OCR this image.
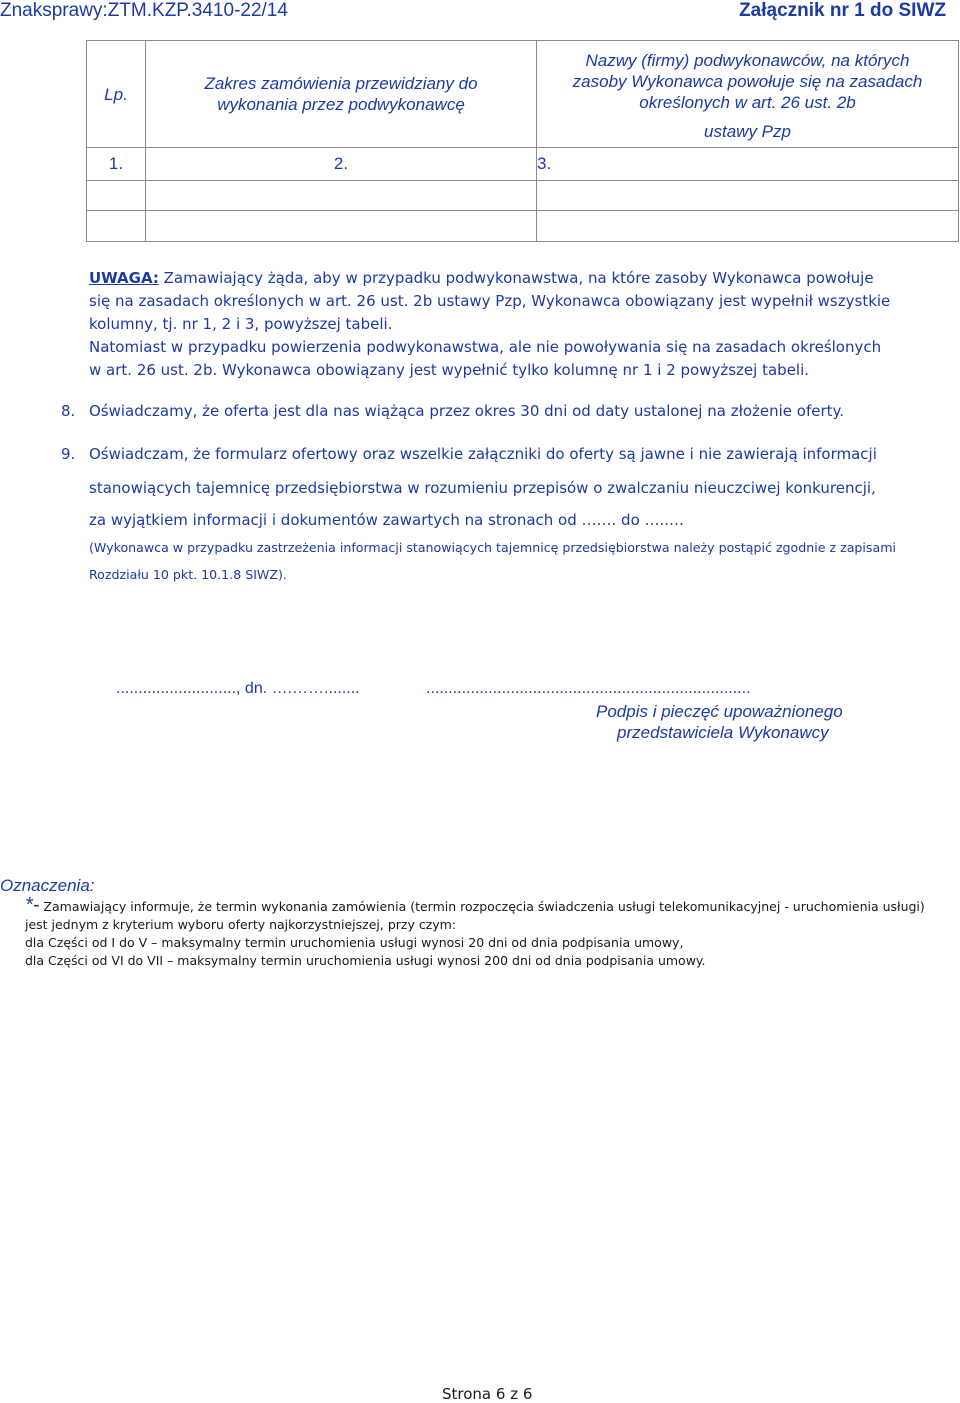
Znaksprawy:ZTM.KZP.3410-22/14	Załącznik nr 1 do SIWZ
Lp.	Zakres zamówienia przewidziany do wykonania przez podwykonawcę	Nazwy (firmy) podwykonawców, na których zasoby Wykonawca powołuje się na zasadach określonych w art. 26 ust. 2b
ustawy Pzp

1.	2.	3.

UWAGA: Zamawiający żąda, aby w przypadku podwykonawstwa, na które zasoby Wykonawca powołuje
się na zasadach określonych w art. 26 ust. 2b ustawy Pzp, Wykonawca obowiązany jest wypełnił wszystkie
kolumny, tj. nr 1, 2 i 3, powyższej tabeli.
Natomiast w przypadku powierzenia podwykonawstwa, ale nie powoływania się na zasadach określonych
w art. 26 ust. 2b. Wykonawca obowiązany jest wypełnić tylko kolumnę nr 1 i 2 powyższej tabeli.
8. Oświadczamy, że oferta jest dla nas wiążąca przez okres 30 dni od daty ustalonej na złożenie oferty.
9. Oświadczam, że formularz ofertowy oraz wszelkie załączniki do oferty są jawne i nie zawierają informacji
stanowiących tajemnicę przedsiębiorstwa w rozumieniu przepisów o zwalczaniu nieuczciwej konkurencji,
za wyjątkiem informacji i dokumentów zawartych na stronach od ……. do …..…
(Wykonawca w przypadku zastrzeżenia informacji stanowiących tajemnicę przedsiębiorstwa należy postąpić zgodnie z zapisami
Rozdziału 10 pkt. 10.1.8 SIWZ).
..........................., dn. ….……........	.........................................................................
Podpis i pieczęć upoważnionego
przedstawiciela Wykonawcy
Oznaczenia:
*- Zamawiający informuje, że termin wykonania zamówienia (termin rozpoczęcia świadczenia usługi telekomunikacyjnej - uruchomienia usługi)
jest jednym z kryterium wyboru oferty najkorzystniejszej, przy czym:
dla Części od I do V – maksymalny termin uruchomienia usługi wynosi 20 dni od dnia podpisania umowy,
dla Części od VI do VII – maksymalny termin uruchomienia usługi wynosi 200 dni od dnia podpisania umowy.
Strona 6 z 6
